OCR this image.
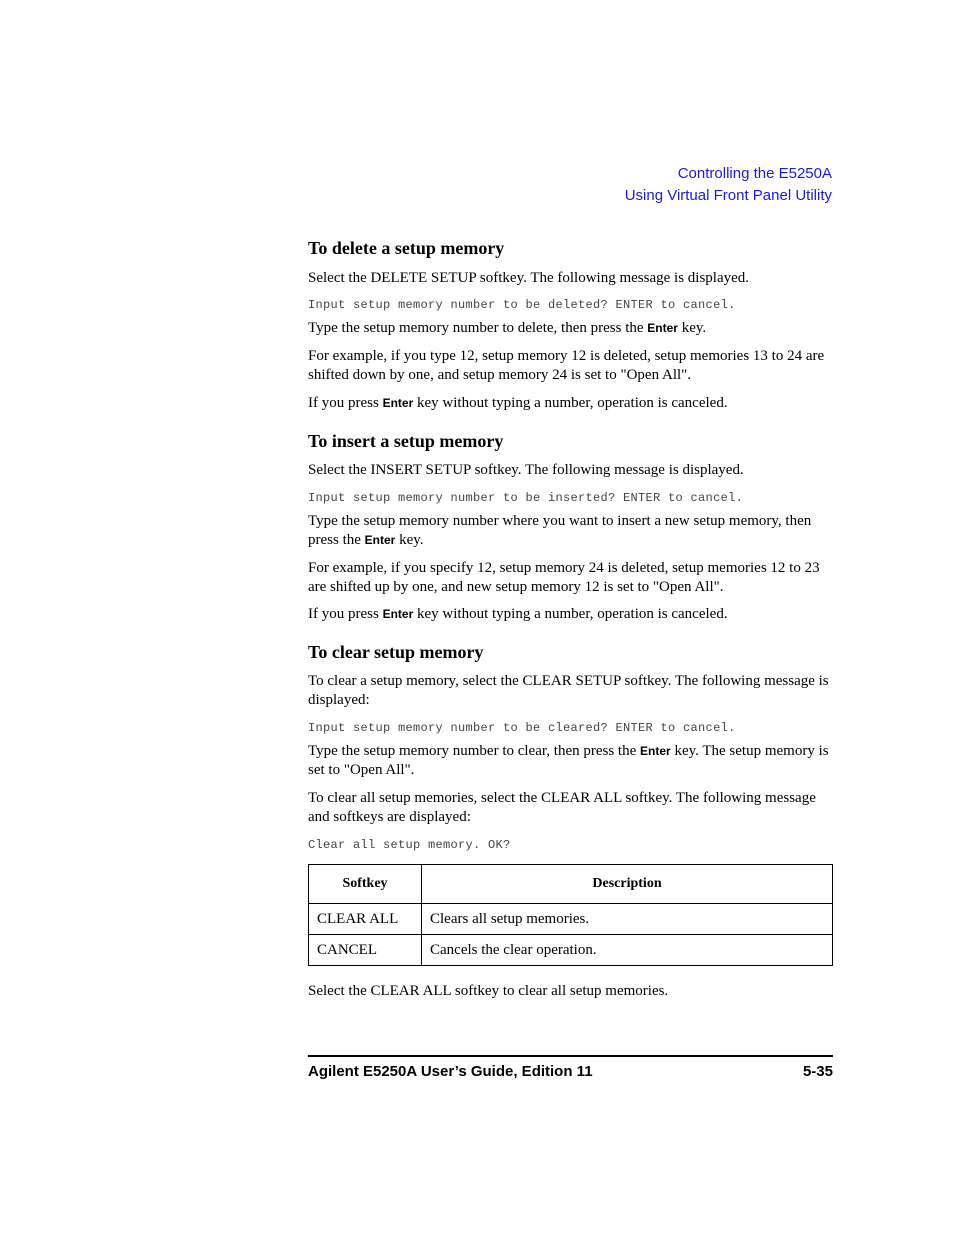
Controlling the E5250A
Using Virtual Front Panel Utility
To delete a setup memory
Select the DELETE SETUP softkey. The following message is displayed.
Input setup memory number to be deleted? ENTER to cancel.
Type the setup memory number to delete, then press the Enter key.
For example, if you type 12, setup memory 12 is deleted, setup memories 13 to 24 are shifted down by one, and setup memory 24 is set to "Open All".
If you press Enter key without typing a number, operation is canceled.
To insert a setup memory
Select the INSERT SETUP softkey. The following message is displayed.
Input setup memory number to be inserted? ENTER to cancel.
Type the setup memory number where you want to insert a new setup memory, then press the Enter key.
For example, if you specify 12, setup memory 24 is deleted, setup memories 12 to 23 are shifted up by one, and new setup memory 12 is set to "Open All".
If you press Enter key without typing a number, operation is canceled.
To clear setup memory
To clear a setup memory, select the CLEAR SETUP softkey. The following message is displayed:
Input setup memory number to be cleared? ENTER to cancel.
Type the setup memory number to clear, then press the Enter key. The setup memory is set to "Open All".
To clear all setup memories, select the CLEAR ALL softkey. The following message and softkeys are displayed:
Clear all setup memory. OK?
Softkey	Description
CLEAR ALL	Clears all setup memories.
CANCEL	Cancels the clear operation.
Select the CLEAR ALL softkey to clear all setup memories.
Agilent E5250A User’s Guide, Edition 11	5-35
